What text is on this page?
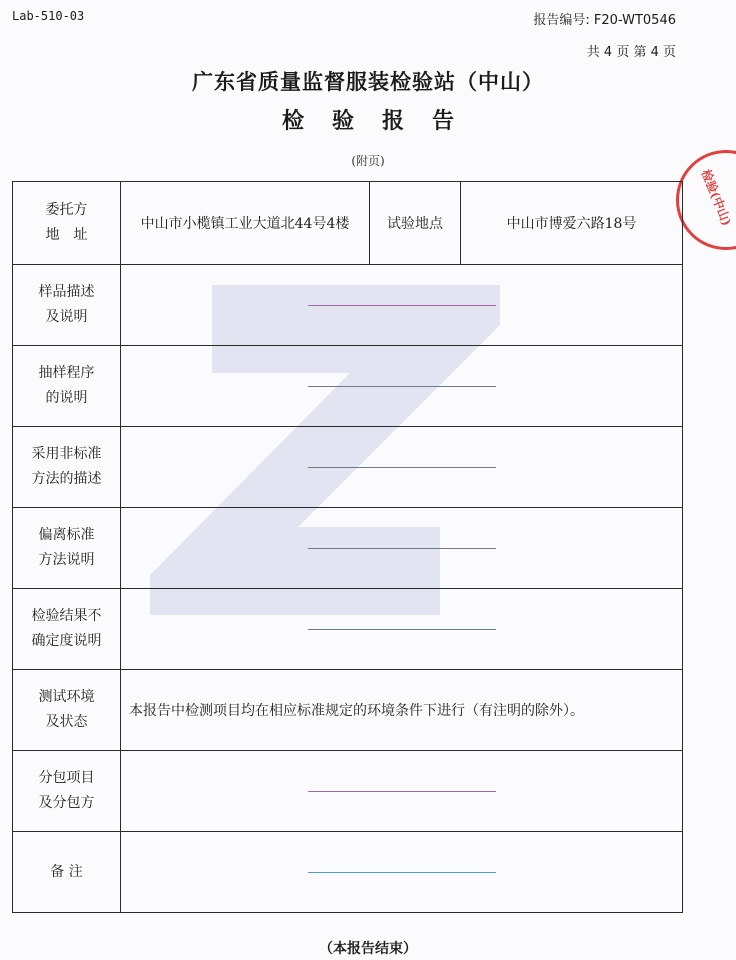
Lab-510-03	报告编号: F20-WT0546
共 4 页 第 4 页
广东省质量监督服装检验站（中山）
检验报告
(附页)
检验(中山)
委托方
地　址	中山市小榄镇工业大道北44号4楼	试验地点	中山市博爱六路18号

样品描述
及说明			

抽样程序
的说明			

采用非标准
方法的描述			

偏离标准
方法说明			

检验结果不
确定度说明			

测试环境
及状态	本报告中检测项目均在相应标准规定的环境条件下进行（有注明的除外）。		

分包项目
及分包方			

备 注			
（本报告结束）
